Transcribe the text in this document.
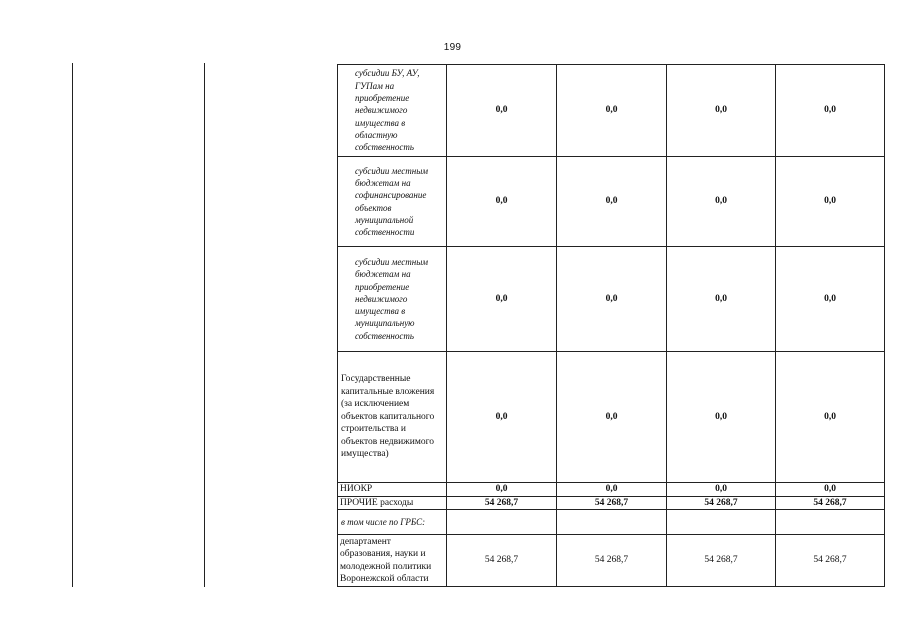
199
субсидии БУ, АУ, ГУПам на приобретение недвижимого имущества в областную собственность	0,0	0,0	0,0	0,0
субсидии местным бюджетам на софинансирование объектов муниципальной собственности	0,0	0,0	0,0	0,0
субсидии местным бюджетам на приобретение недвижимого имущества в муниципальную собственность	0,0	0,0	0,0	0,0
Государственные капитальные вложения (за исключением объектов капитального строительства и объектов недвижимого имущества)	0,0	0,0	0,0	0,0
НИОКР	0,0	0,0	0,0	0,0
ПРОЧИЕ расходы	54 268,7	54 268,7	54 268,7	54 268,7
в том числе по ГРБС:				
департамент образования, науки и молодежной политики Воронежской области	54 268,7	54 268,7	54 268,7	54 268,7
